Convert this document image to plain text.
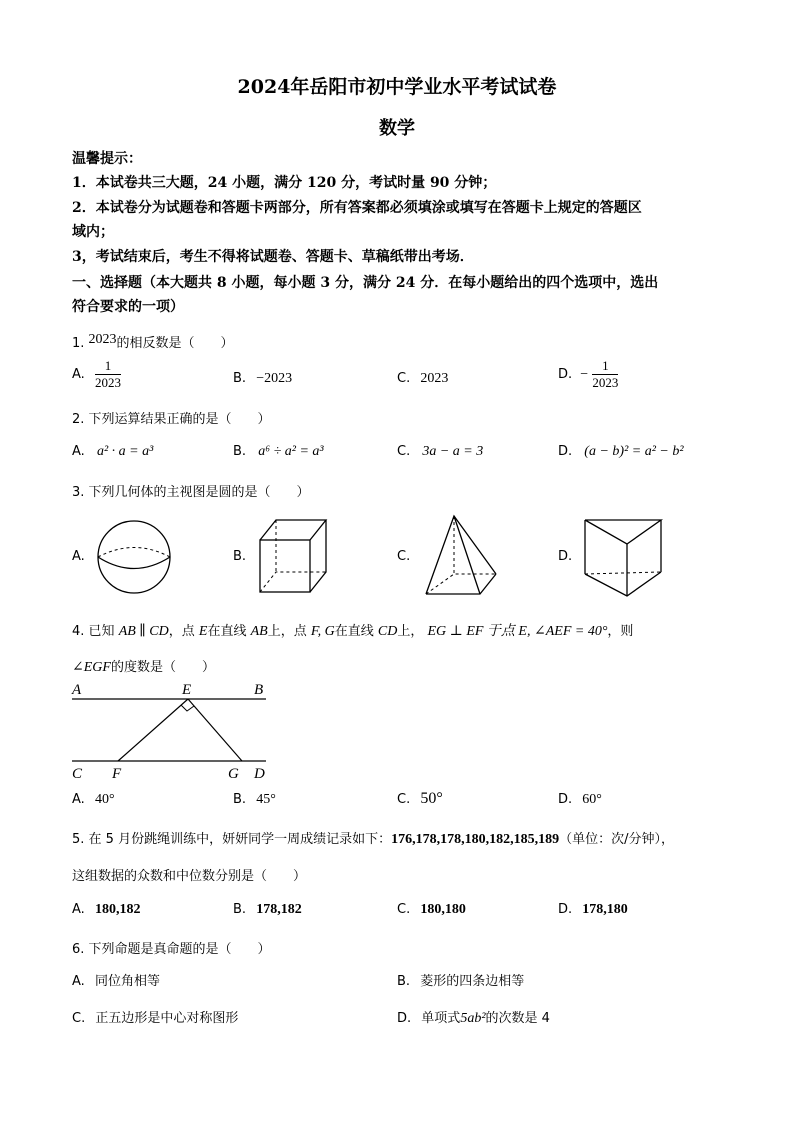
2024年岳阳市初中学业水平考试试卷
数学
温馨提示：
1．本试卷共三大题，24 小题，满分 120 分，考试时量 90 分钟；
2．本试卷分为试题卷和答题卡两部分，所有答案都必须填涂或填写在答题卡上规定的答题区
域内；
3，考试结束后，考生不得将试题卷、答题卡、草稿纸带出考场．
一、选择题（本大题共 8 小题，每小题 3 分，满分 24 分．在每小题给出的四个选项中，选出
符合要求的一项）
1. 2023的相反数是（　　）
A. $\frac{1}{2023}$	B. −2023	C. 2023	D. − $\frac{1}{2023}$
2. 下列运算结果正确的是（　　）
A. a² · a = a³	B. a⁶ ÷ a² = a³	C. 3a − a = 3	D. (a − b)² = a² − b²
3. 下列几何体的主视图是圆的是（　　）
A.	B.	C.	D.
4. 已知 AB ∥ CD，点 E在直线 AB上，点 F, G在直线 CD上， EG ⊥ EF 于点 E, ∠AEF = 40°，则
∠EGF的度数是（　　）
A	E	B
C F	G D
A. 40°	B. 45°	C. 50°	D. 60°
5. 在 5 月份跳绳训练中，妍妍同学一周成绩记录如下：176,178,178,180,182,185,189（单位：次/分钟），
这组数据的众数和中位数分别是（　　）
A. 180,182	B. 178,182	C. 180,180	D. 178,180
6. 下列命题是真命题的是（　　）
A. 同位角相等	B. 菱形的四条边相等
C. 正五边形是中心对称图形	D. 单项式5ab²的次数是 4
